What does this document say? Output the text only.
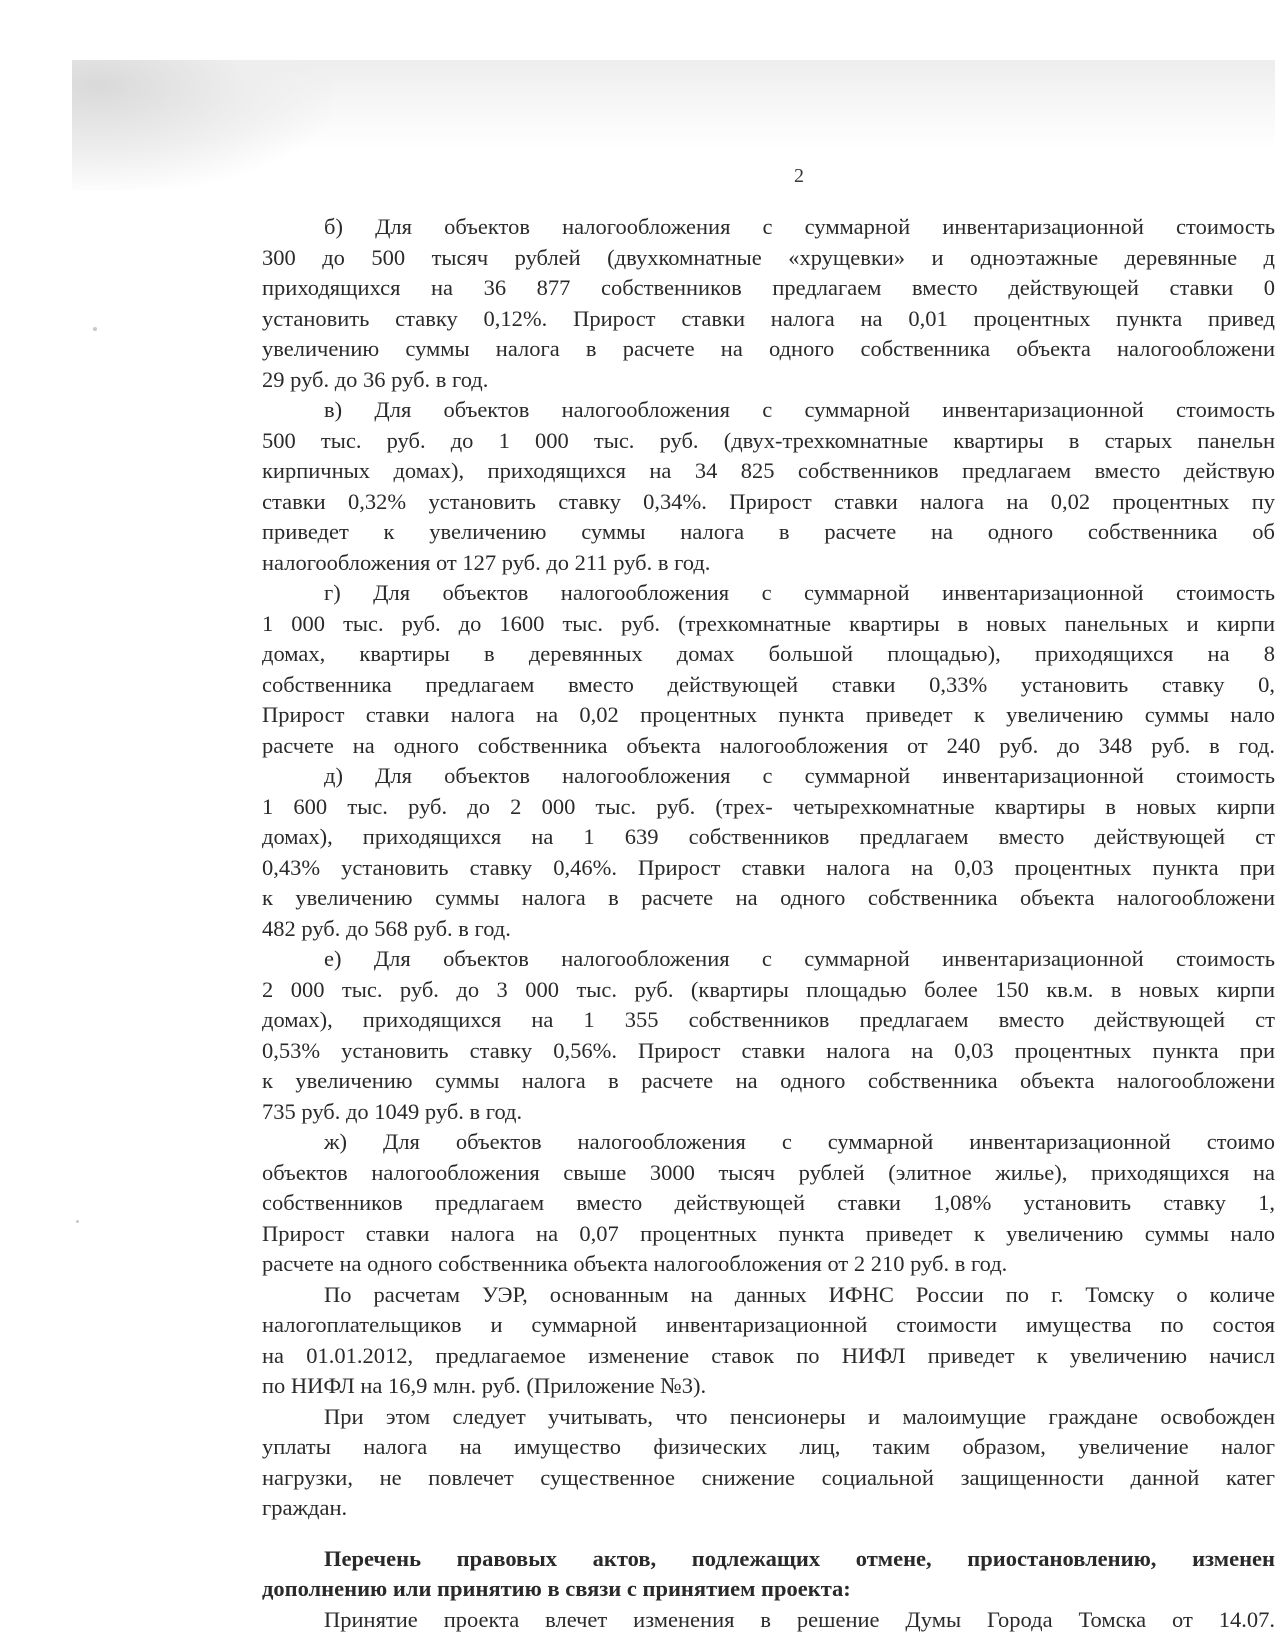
2
б) Для объектов налогообложения с суммарной инвентаризационной стоимость
300 до 500 тысяч рублей (двухкомнатные «хрущевки» и одноэтажные деревянные д
приходящихся на 36 877 собственников предлагаем вместо действующей ставки 0
установить ставку 0,12%. Прирост ставки налога на 0,01 процентных пункта привед
увеличению суммы налога в расчете на одного собственника объекта налогообложени
29 руб. до 36 руб. в год.
в) Для объектов налогообложения с суммарной инвентаризационной стоимость
500 тыс. руб. до 1 000 тыс. руб. (двух-трехкомнатные квартиры в старых панельн
кирпичных домах), приходящихся на 34 825 собственников предлагаем вместо действую
ставки 0,32% установить ставку 0,34%. Прирост ставки налога на 0,02 процентных пу
приведет к увеличению суммы налога в расчете на одного собственника об
налогообложения от 127 руб. до 211 руб. в год.
г) Для объектов налогообложения с суммарной инвентаризационной стоимость
1 000 тыс. руб. до 1600 тыс. руб. (трехкомнатные квартиры в новых панельных и кирпи
домах, квартиры в деревянных домах большой площадью), приходящихся на 8
собственника предлагаем вместо действующей ставки 0,33% установить ставку 0,
Прирост ставки налога на 0,02 процентных пункта приведет к увеличению суммы нало
расчете на одного собственника объекта налогообложения от 240 руб. до 348 руб. в год.
д) Для объектов налогообложения с суммарной инвентаризационной стоимость
1 600 тыс. руб. до 2 000 тыс. руб. (трех- четырехкомнатные квартиры в новых кирпи
домах), приходящихся на 1 639 собственников предлагаем вместо действующей ст
0,43% установить ставку 0,46%. Прирост ставки налога на 0,03 процентных пункта при
к увеличению суммы налога в расчете на одного собственника объекта налогообложени
482 руб. до 568 руб. в год.
е) Для объектов налогообложения с суммарной инвентаризационной стоимость
2 000 тыс. руб. до 3 000 тыс. руб. (квартиры площадью более 150 кв.м. в новых кирпи
домах), приходящихся на 1 355 собственников предлагаем вместо действующей ст
0,53% установить ставку 0,56%. Прирост ставки налога на 0,03 процентных пункта при
к увеличению суммы налога в расчете на одного собственника объекта налогообложени
735 руб. до 1049 руб. в год.
ж) Для объектов налогообложения с суммарной инвентаризационной стоимо
объектов налогообложения свыше 3000 тысяч рублей (элитное жилье), приходящихся на
собственников предлагаем вместо действующей ставки 1,08% установить ставку 1,
Прирост ставки налога на 0,07 процентных пункта приведет к увеличению суммы нало
расчете на одного собственника объекта налогообложения от 2 210 руб. в год.
По расчетам УЭР, основанным на данных ИФНС России по г. Томску о количе
налогоплательщиков и суммарной инвентаризационной стоимости имущества по состоя
на 01.01.2012, предлагаемое изменение ставок по НИФЛ приведет к увеличению начисл
по НИФЛ на 16,9 млн. руб. (Приложение №3).
При этом следует учитывать, что пенсионеры и малоимущие граждане освобожден
уплаты налога на имущество физических лиц, таким образом, увеличение налог
нагрузки, не повлечет существенное снижение социальной защищенности данной катег
граждан.
Перечень правовых актов, подлежащих отмене, приостановлению, изменен
дополнению или принятию в связи с принятием проекта:
Принятие проекта влечет изменения в решение Думы Города Томска от 14.07.
